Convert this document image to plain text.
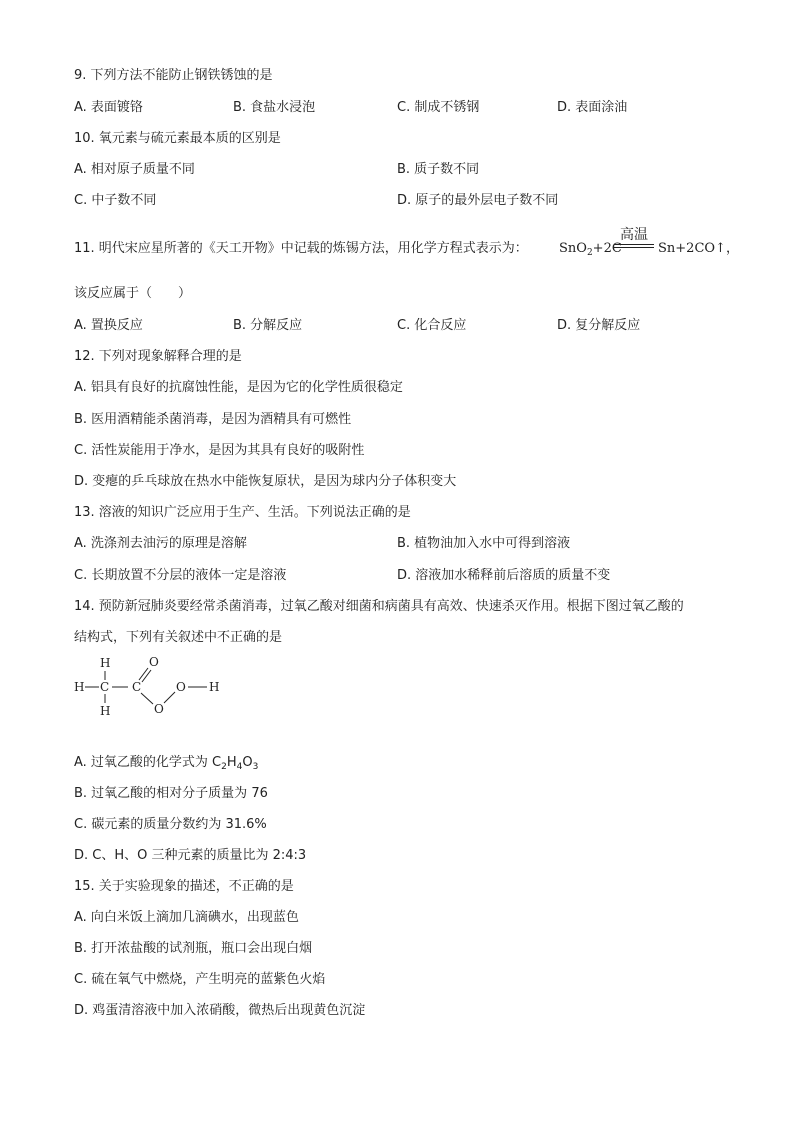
9. 下列方法不能防止钢铁锈蚀的是
A. 表面镀铬	B. 食盐水浸泡	C. 制成不锈钢	D. 表面涂油
10. 氧元素与硫元素最本质的区别是
A. 相对原子质量不同	B. 质子数不同
C. 中子数不同	D. 原子的最外层电子数不同
11. 明代宋应星所著的《天工开物》中记载的炼锡方法，用化学方程式表示为： SnO$_2$+2C
高温
Sn+2CO↑，
该反应属于（　　）
A. 置换反应	B. 分解反应	C. 化合反应	D. 复分解反应
12. 下列对现象解释合理的是
A. 铝具有良好的抗腐蚀性能，是因为它的化学性质很稳定
B. 医用酒精能杀菌消毒，是因为酒精具有可燃性
C. 活性炭能用于净水，是因为其具有良好的吸附性
D. 变瘪的乒乓球放在热水中能恢复原状，是因为球内分子体积变大
13. 溶液的知识广泛应用于生产、生活。下列说法正确的是
A. 洗涤剂去油污的原理是溶解	B. 植物油加入水中可得到溶液
C. 长期放置不分层的液体一定是溶液	D. 溶液加水稀释前后溶质的质量不变
14. 预防新冠肺炎要经常杀菌消毒，过氧乙酸对细菌和病菌具有高效、快速杀灭作用。根据下图过氧乙酸的
结构式，下列有关叙述中不正确的是
H
H C
H
C
O
O
O H
A. 过氧乙酸的化学式为 $C_2H_4O_3$
B. 过氧乙酸的相对分子质量为 76
C. 碳元素的质量分数约为 31.6%
D. C、H、O 三种元素的质量比为 2:4:3
15. 关于实验现象的描述，不正确的是
A. 向白米饭上滴加几滴碘水，出现蓝色
B. 打开浓盐酸的试剂瓶，瓶口会出现白烟
C. 硫在氧气中燃烧，产生明亮的蓝紫色火焰
D. 鸡蛋清溶液中加入浓硝酸，微热后出现黄色沉淀
